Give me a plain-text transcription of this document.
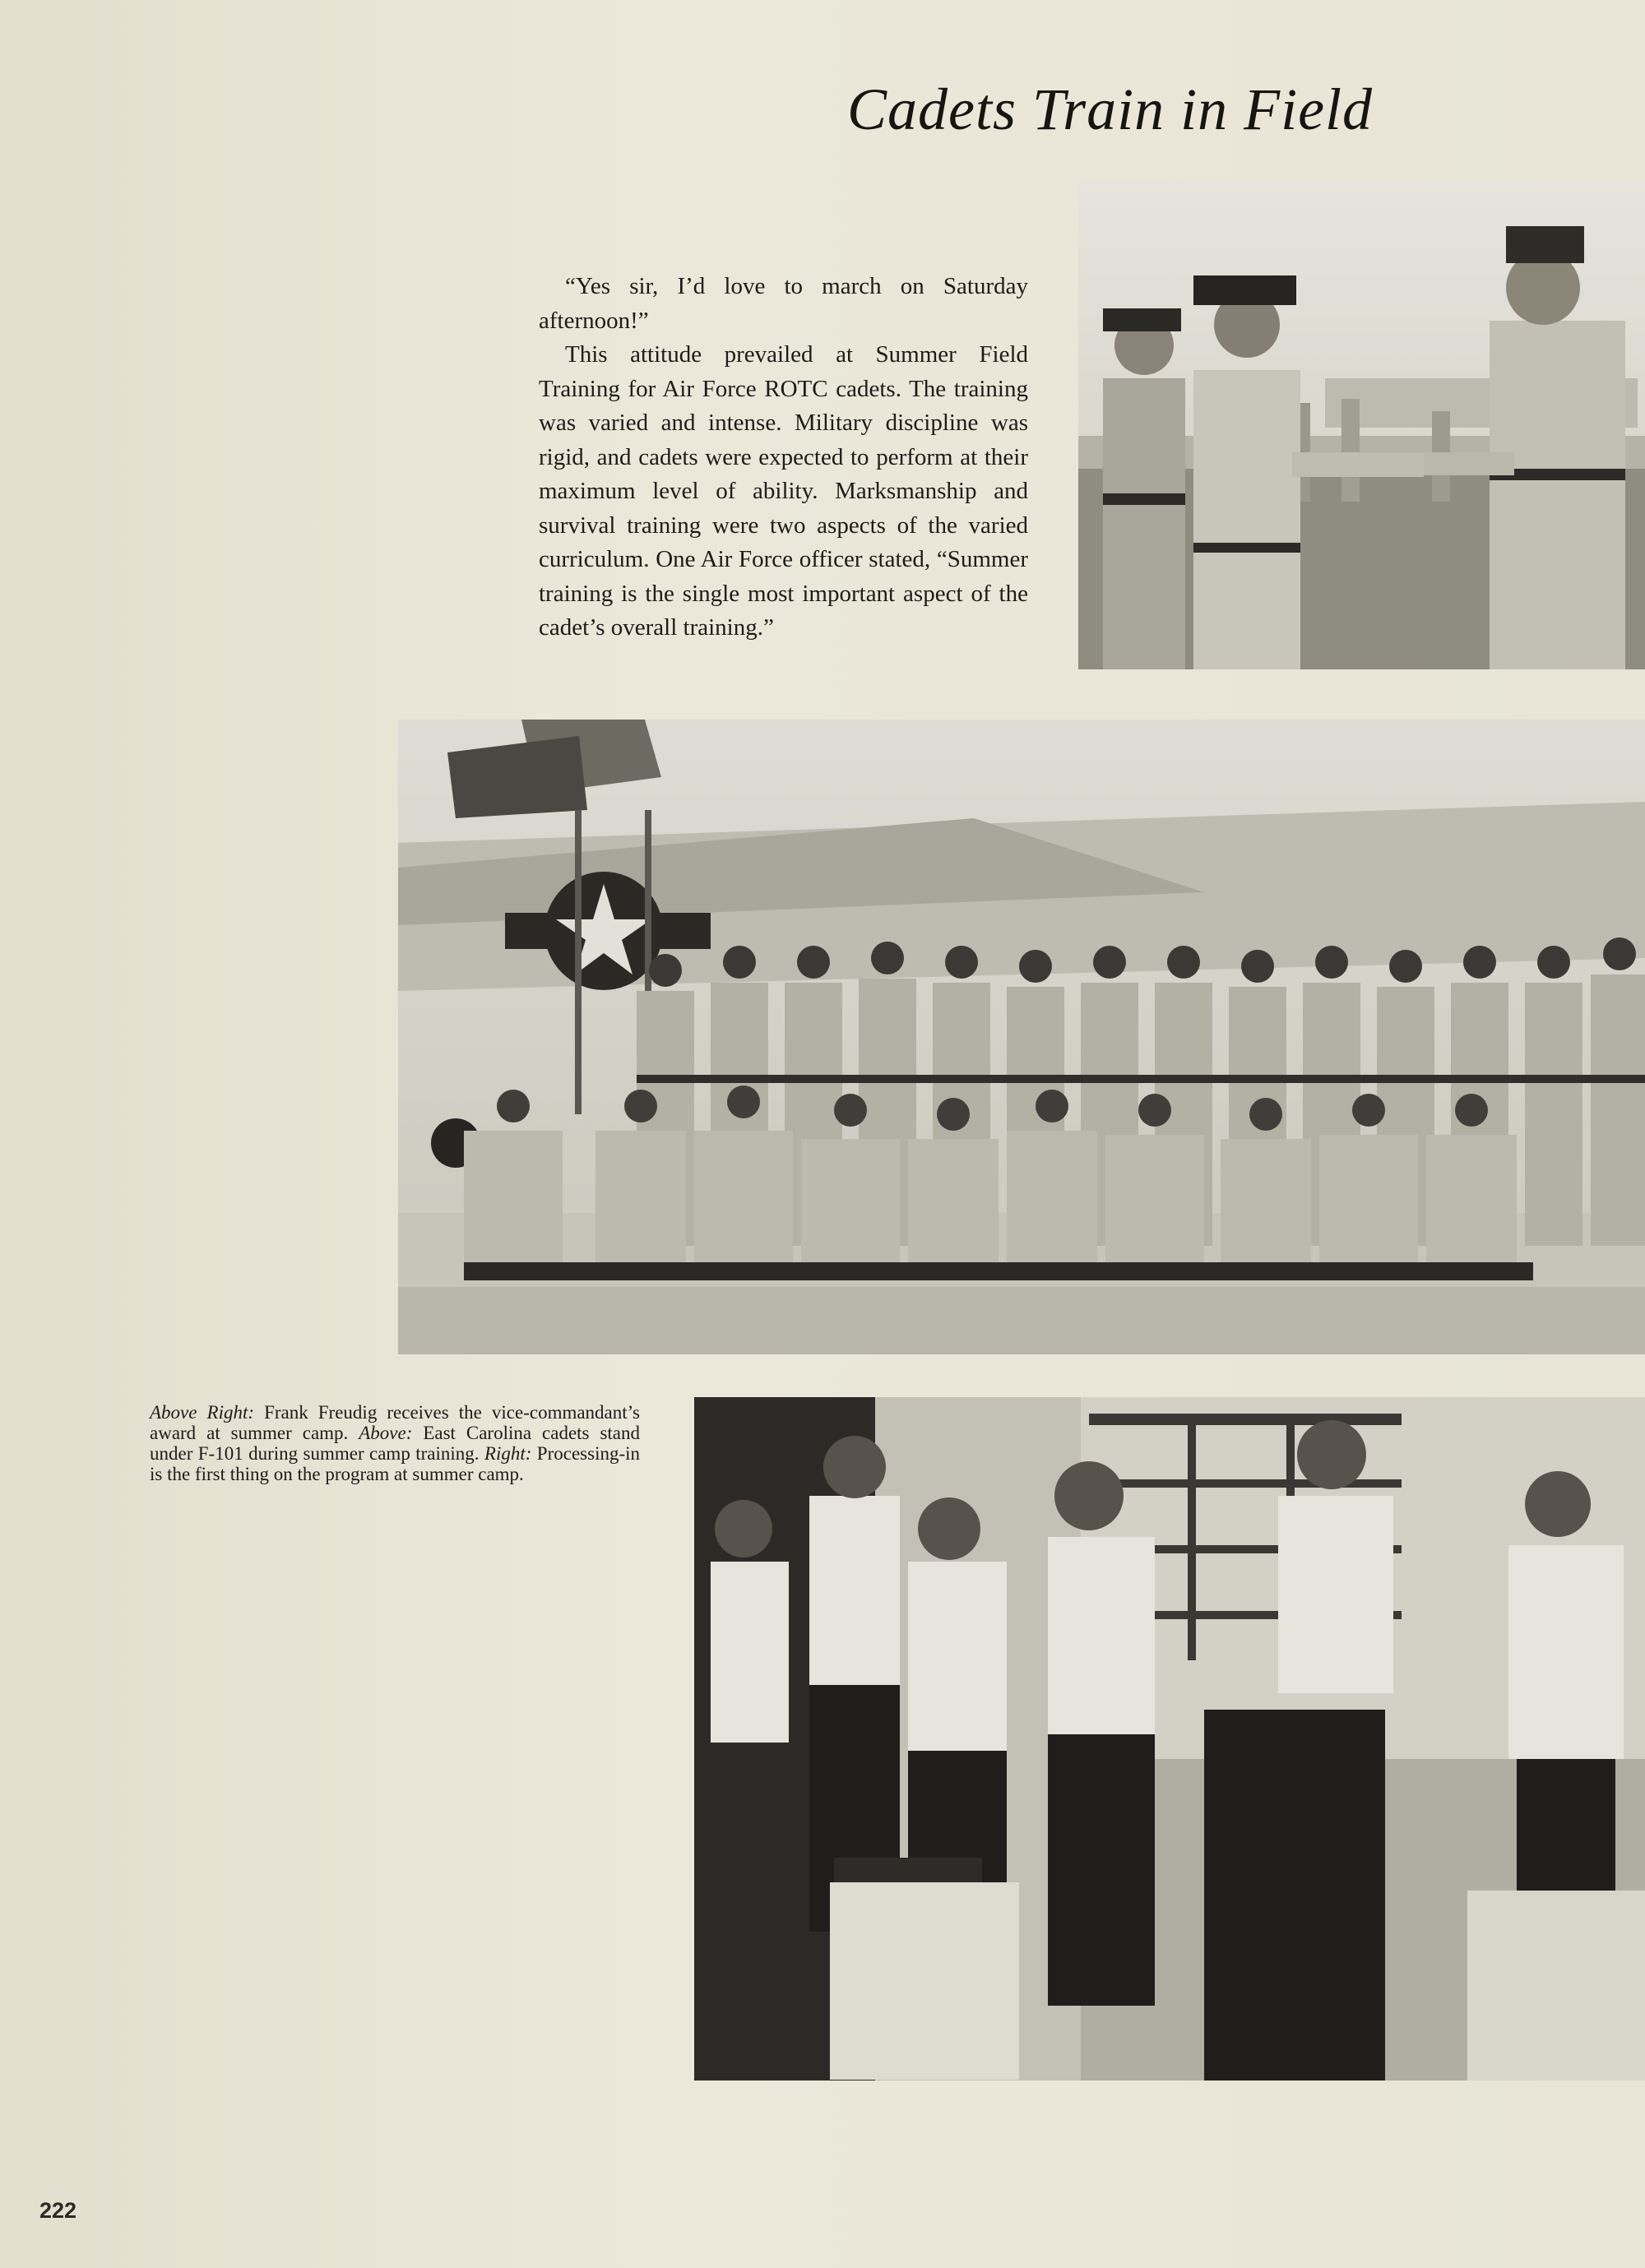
Cadets Train in Field

“Yes sir, I’d love to march on Saturday afternoon!”

This attitude prevailed at Summer Field Training for Air Force ROTC cadets. The training was varied and intense. Military discipline was rigid, and cadets were expected to perform at their maximum level of ability. Marksmanship and survival training were two aspects of the varied curriculum. One Air Force officer stated, “Summer training is the single most important aspect of the cadet’s overall training.”

Above Right: Frank Freudig receives the vice-commandant’s award at summer camp. Above: East Carolina cadets stand under F-101 during summer camp training. Right: Processing-in is the first thing on the program at summer camp.
222
